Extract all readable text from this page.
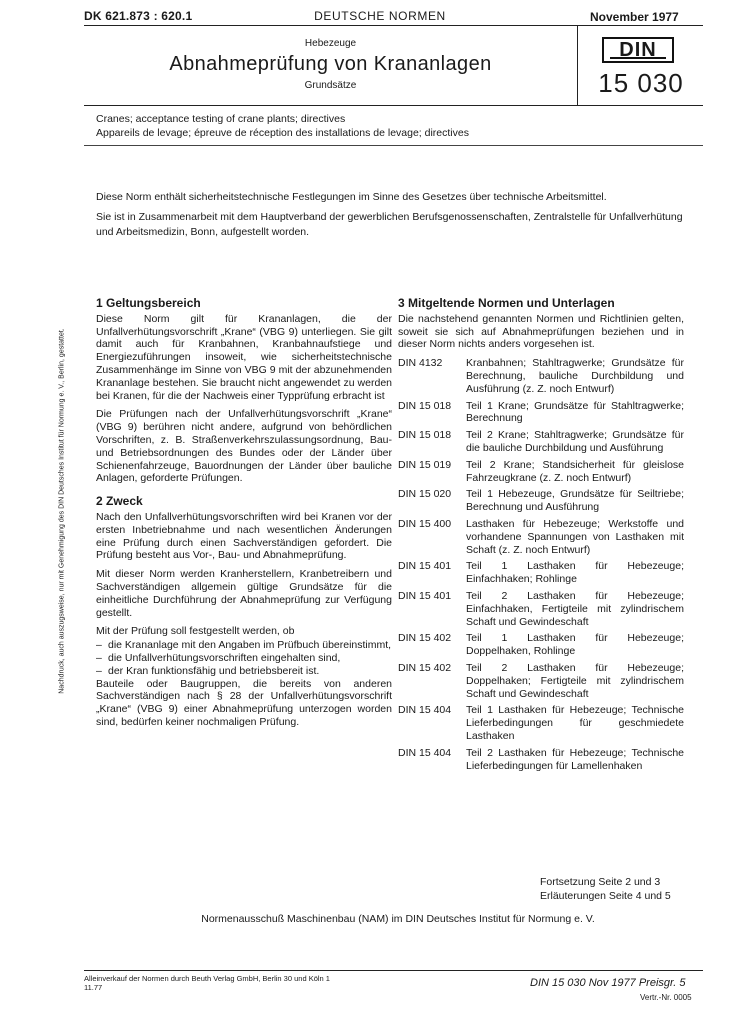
DK 621.873 : 620.1	DEUTSCHE NORMEN	November 1977
Hebezeuge
Abnahmeprüfung von Krananlagen
Grundsätze
DIN
15 030
Cranes; acceptance testing of crane plants; directives
Appareils de levage; épreuve de réception des installations de levage; directives

Diese Norm enthält sicherheitstechnische Festlegungen im Sinne des Gesetzes über technische Arbeitsmittel.

Sie ist in Zusammenarbeit mit dem Hauptverband der gewerblichen Berufsgenossenschaften, Zentralstelle für Unfallverhütung und Arbeitsmedizin, Bonn, aufgestellt worden.

Nachdruck, auch auszugsweise, nur mit Genehmigung des DIN Deutsches Institut für Normung e. V., Berlin, gestattet.
1 Geltungsbereich

Diese Norm gilt für Krananlagen, die der Unfallverhütungsvorschrift „Krane“ (VBG 9) unterliegen. Sie gilt damit auch für Kranbahnen, Kranbahnaufstiege und Energiezuführungen insoweit, wie sicherheitstechnische Zusammenhänge im Sinne von VBG 9 mit der abzunehmenden Krananlage bestehen. Sie braucht nicht angewendet zu werden bei Kranen, für die der Nachweis einer Typprüfung erbracht ist

Die Prüfungen nach der Unfallverhütungsvorschrift „Krane“ (VBG 9) berühren nicht andere, aufgrund von behördlichen Vorschriften, z. B. Straßenverkehrszulassungsordnung, Bau- und Betriebsordnungen des Bundes oder der Länder über Schienenfahrzeuge, Bauordnungen der Länder über bauliche Anlagen, geforderte Prüfungen.

2 Zweck

Nach den Unfallverhütungsvorschriften wird bei Kranen vor der ersten Inbetriebnahme und nach wesentlichen Änderungen eine Prüfung durch einen Sachverständigen gefordert. Die Prüfung besteht aus Vor-, Bau- und Abnahmeprüfung.

Mit dieser Norm werden Kranherstellern, Kranbetreibern und Sachverständigen allgemein gültige Grundsätze für die einheitliche Durchführung der Abnahmeprüfung zur Verfügung gestellt.

Mit der Prüfung soll festgestellt werden, ob

– die Krananlage mit den Angaben im Prüfbuch übereinstimmt,
– die Unfallverhütungsvorschriften eingehalten sind,
– der Kran funktionsfähig und betriebsbereit ist.

Bauteile oder Baugruppen, die bereits von anderen Sachverständigen nach § 28 der Unfallverhütungsvorschrift „Krane“ (VBG 9) einer Abnahmeprüfung unterzogen worden sind, bedürfen keiner nochmaligen Prüfung.

3 Mitgeltende Normen und Unterlagen

Die nachstehend genannten Normen und Richtlinien gelten, soweit sie sich auf Abnahmeprüfungen beziehen und in dieser Norm nichts anders vorgesehen ist.

DIN 4132	Kranbahnen; Stahltragwerke; Grundsätze für Berechnung, bauliche Durchbildung und Ausführung (z. Z. noch Entwurf)
DIN 15 018	Teil 1 Krane; Grundsätze für Stahltragwerke; Berechnung
DIN 15 018	Teil 2 Krane; Stahltragwerke; Grundsätze für die bauliche Durchbildung und Ausführung
DIN 15 019	Teil 2 Krane; Standsicherheit für gleislose Fahrzeugkrane (z. Z. noch Entwurf)
DIN 15 020	Teil 1 Hebezeuge, Grundsätze für Seiltriebe; Berechnung und Ausführung
DIN 15 400	Lasthaken für Hebezeuge; Werkstoffe und vorhandene Spannungen von Lasthaken mit Schaft (z. Z. noch Entwurf)
DIN 15 401	Teil 1 Lasthaken für Hebezeuge; Einfachhaken; Rohlinge
DIN 15 401	Teil 2 Lasthaken für Hebezeuge; Einfachhaken, Fertigteile mit zylindrischem Schaft und Gewindeschaft
DIN 15 402	Teil 1 Lasthaken für Hebezeuge; Doppelhaken, Rohlinge
DIN 15 402	Teil 2 Lasthaken für Hebezeuge; Doppelhaken; Fertigteile mit zylindrischem Schaft und Gewindeschaft
DIN 15 404	Teil 1 Lasthaken für Hebezeuge; Technische Lieferbedingungen für geschmiedete Lasthaken
DIN 15 404	Teil 2 Lasthaken für Hebezeuge; Technische Lieferbedingungen für Lamellenhaken
Fortsetzung Seite 2 und 3
Erläuterungen Seite 4 und 5
Normenausschuß Maschinenbau (NAM) im DIN Deutsches Institut für Normung e. V.
Alleinverkauf der Normen durch Beuth Verlag GmbH, Berlin 30 und Köln 1
11.77	DIN 15 030 Nov 1977 Preisgr. 5
Vertr.-Nr. 0005
